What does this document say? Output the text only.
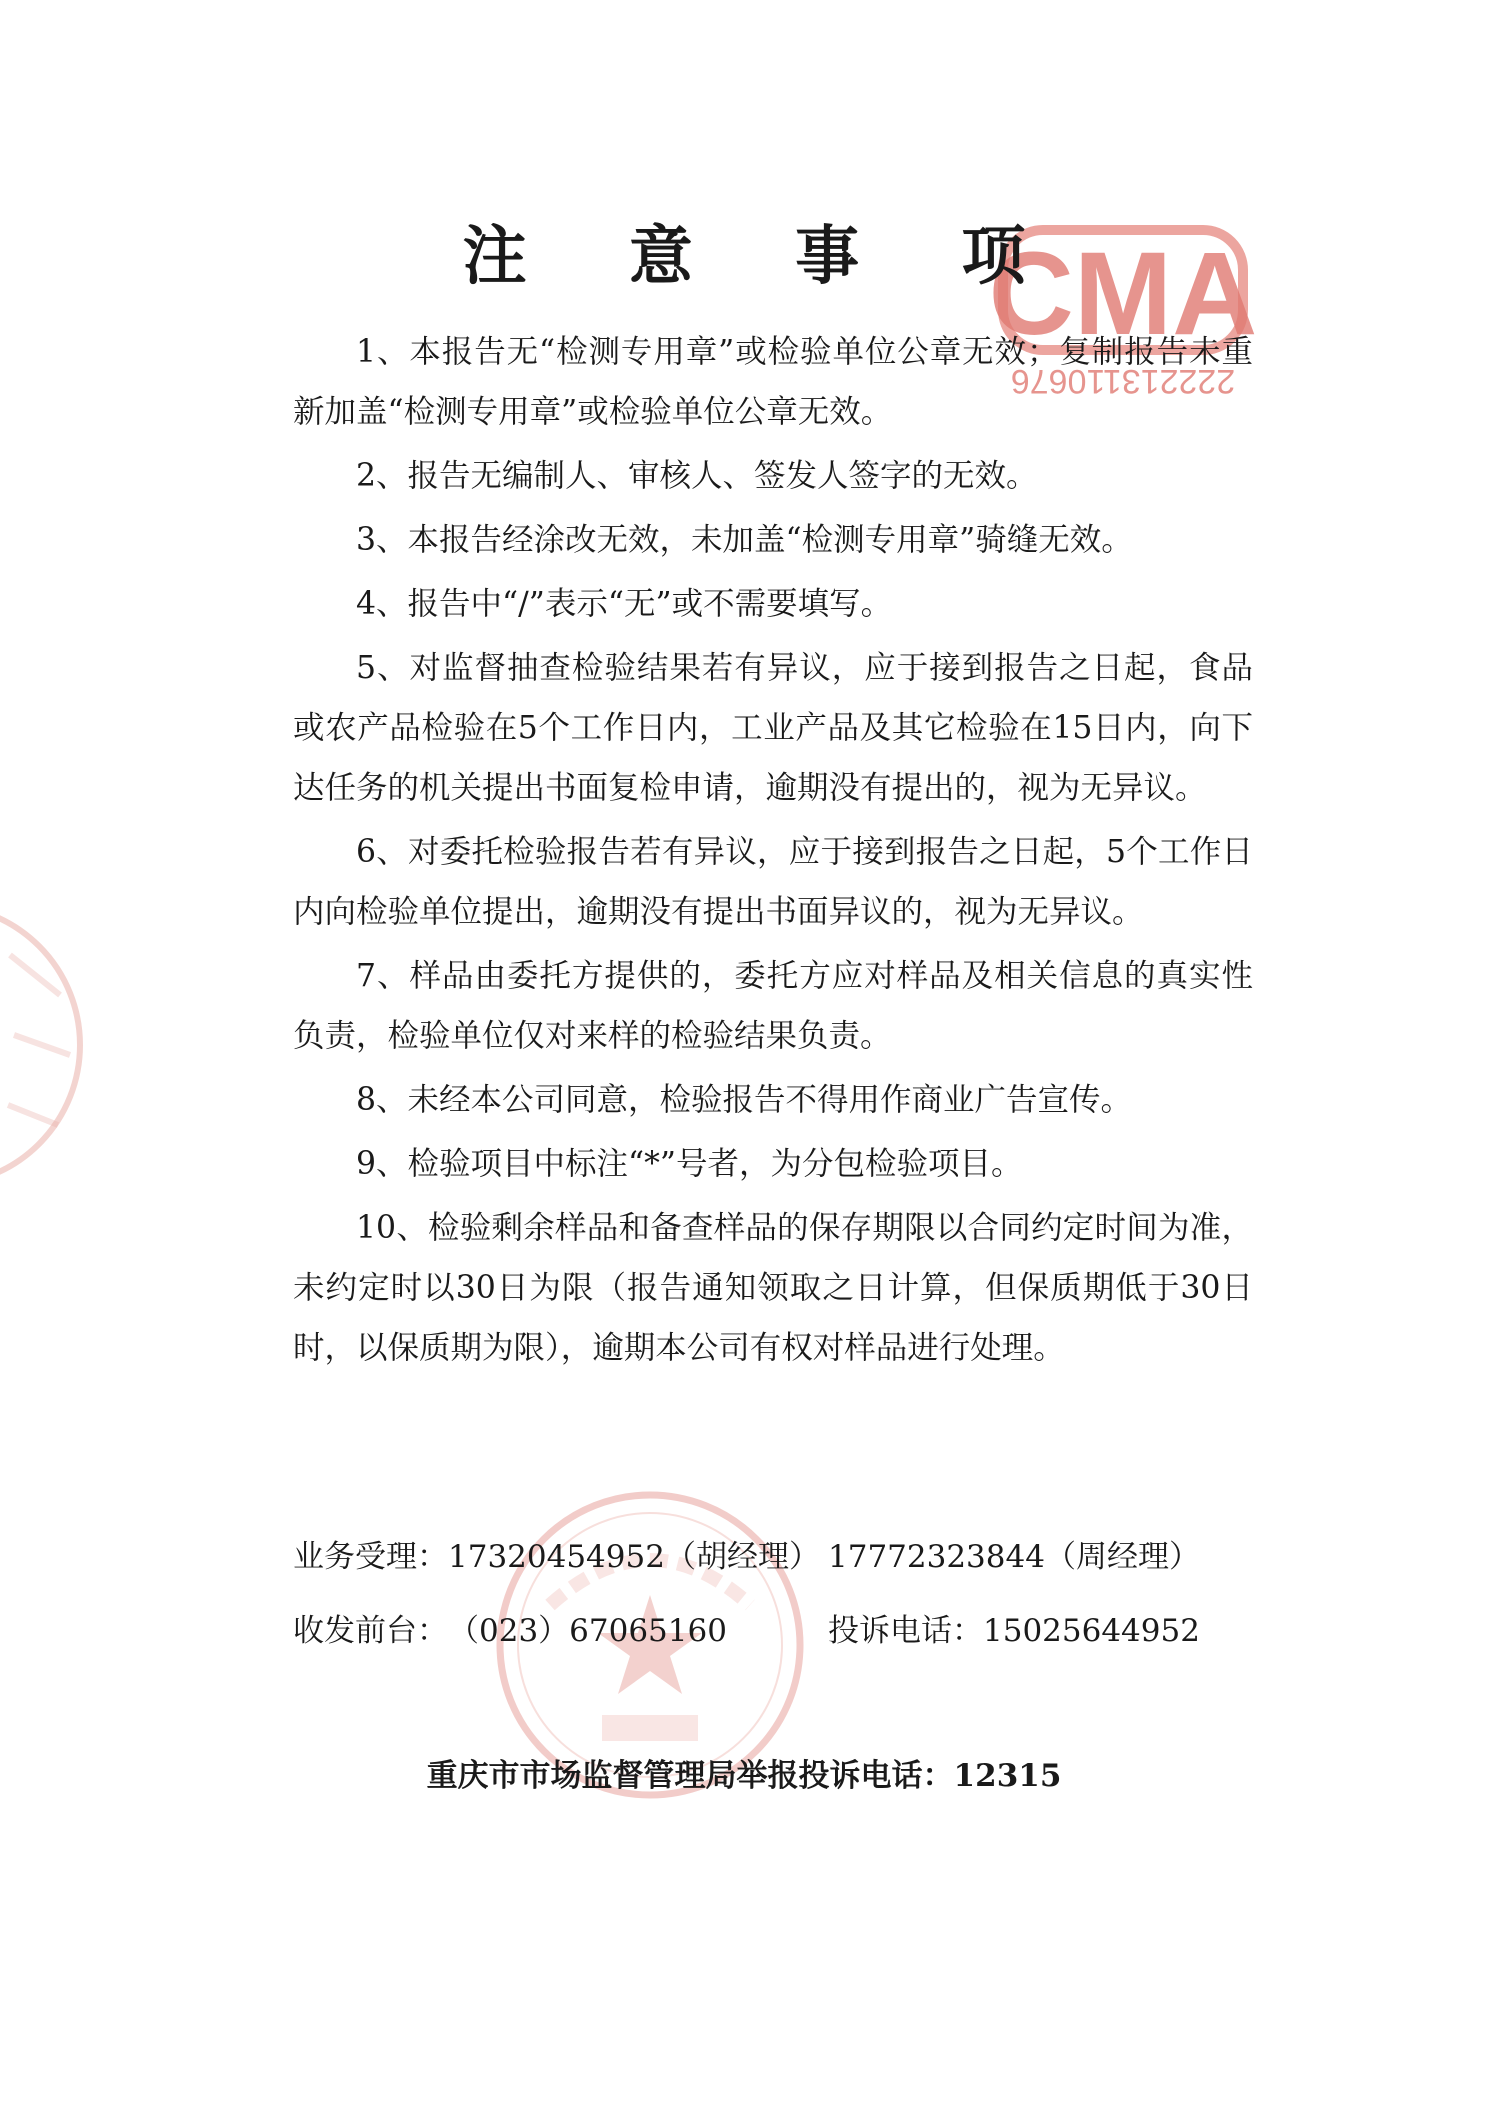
CMA
222213110676
注 意 事 项

1、本报告无“检测专用章”或检验单位公章无效；复制报告未重新加盖“检测专用章”或检验单位公章无效。

2、报告无编制人、审核人、签发人签字的无效。

3、本报告经涂改无效，未加盖“检测专用章”骑缝无效。

4、报告中“/”表示“无”或不需要填写。

5、对监督抽查检验结果若有异议，应于接到报告之日起，食品或农产品检验在5个工作日内，工业产品及其它检验在15日内，向下达任务的机关提出书面复检申请，逾期没有提出的，视为无异议。

6、对委托检验报告若有异议，应于接到报告之日起，5个工作日内向检验单位提出，逾期没有提出书面异议的，视为无异议。

7、样品由委托方提供的，委托方应对样品及相关信息的真实性负责，检验单位仅对来样的检验结果负责。

8、未经本公司同意，检验报告不得用作商业广告宣传。

9、检验项目中标注“*”号者，为分包检验项目。

10、检验剩余样品和备查样品的保存期限以合同约定时间为准，未约定时以30日为限（报告通知领取之日计算，但保质期低于30日时，以保质期为限），逾期本公司有权对样品进行处理。

业务受理：17320454952（胡经理） 17772323844（周经理）
收发前台：（023）67065160	投诉电话：15025644952
重庆市市场监督管理局举报投诉电话：12315
